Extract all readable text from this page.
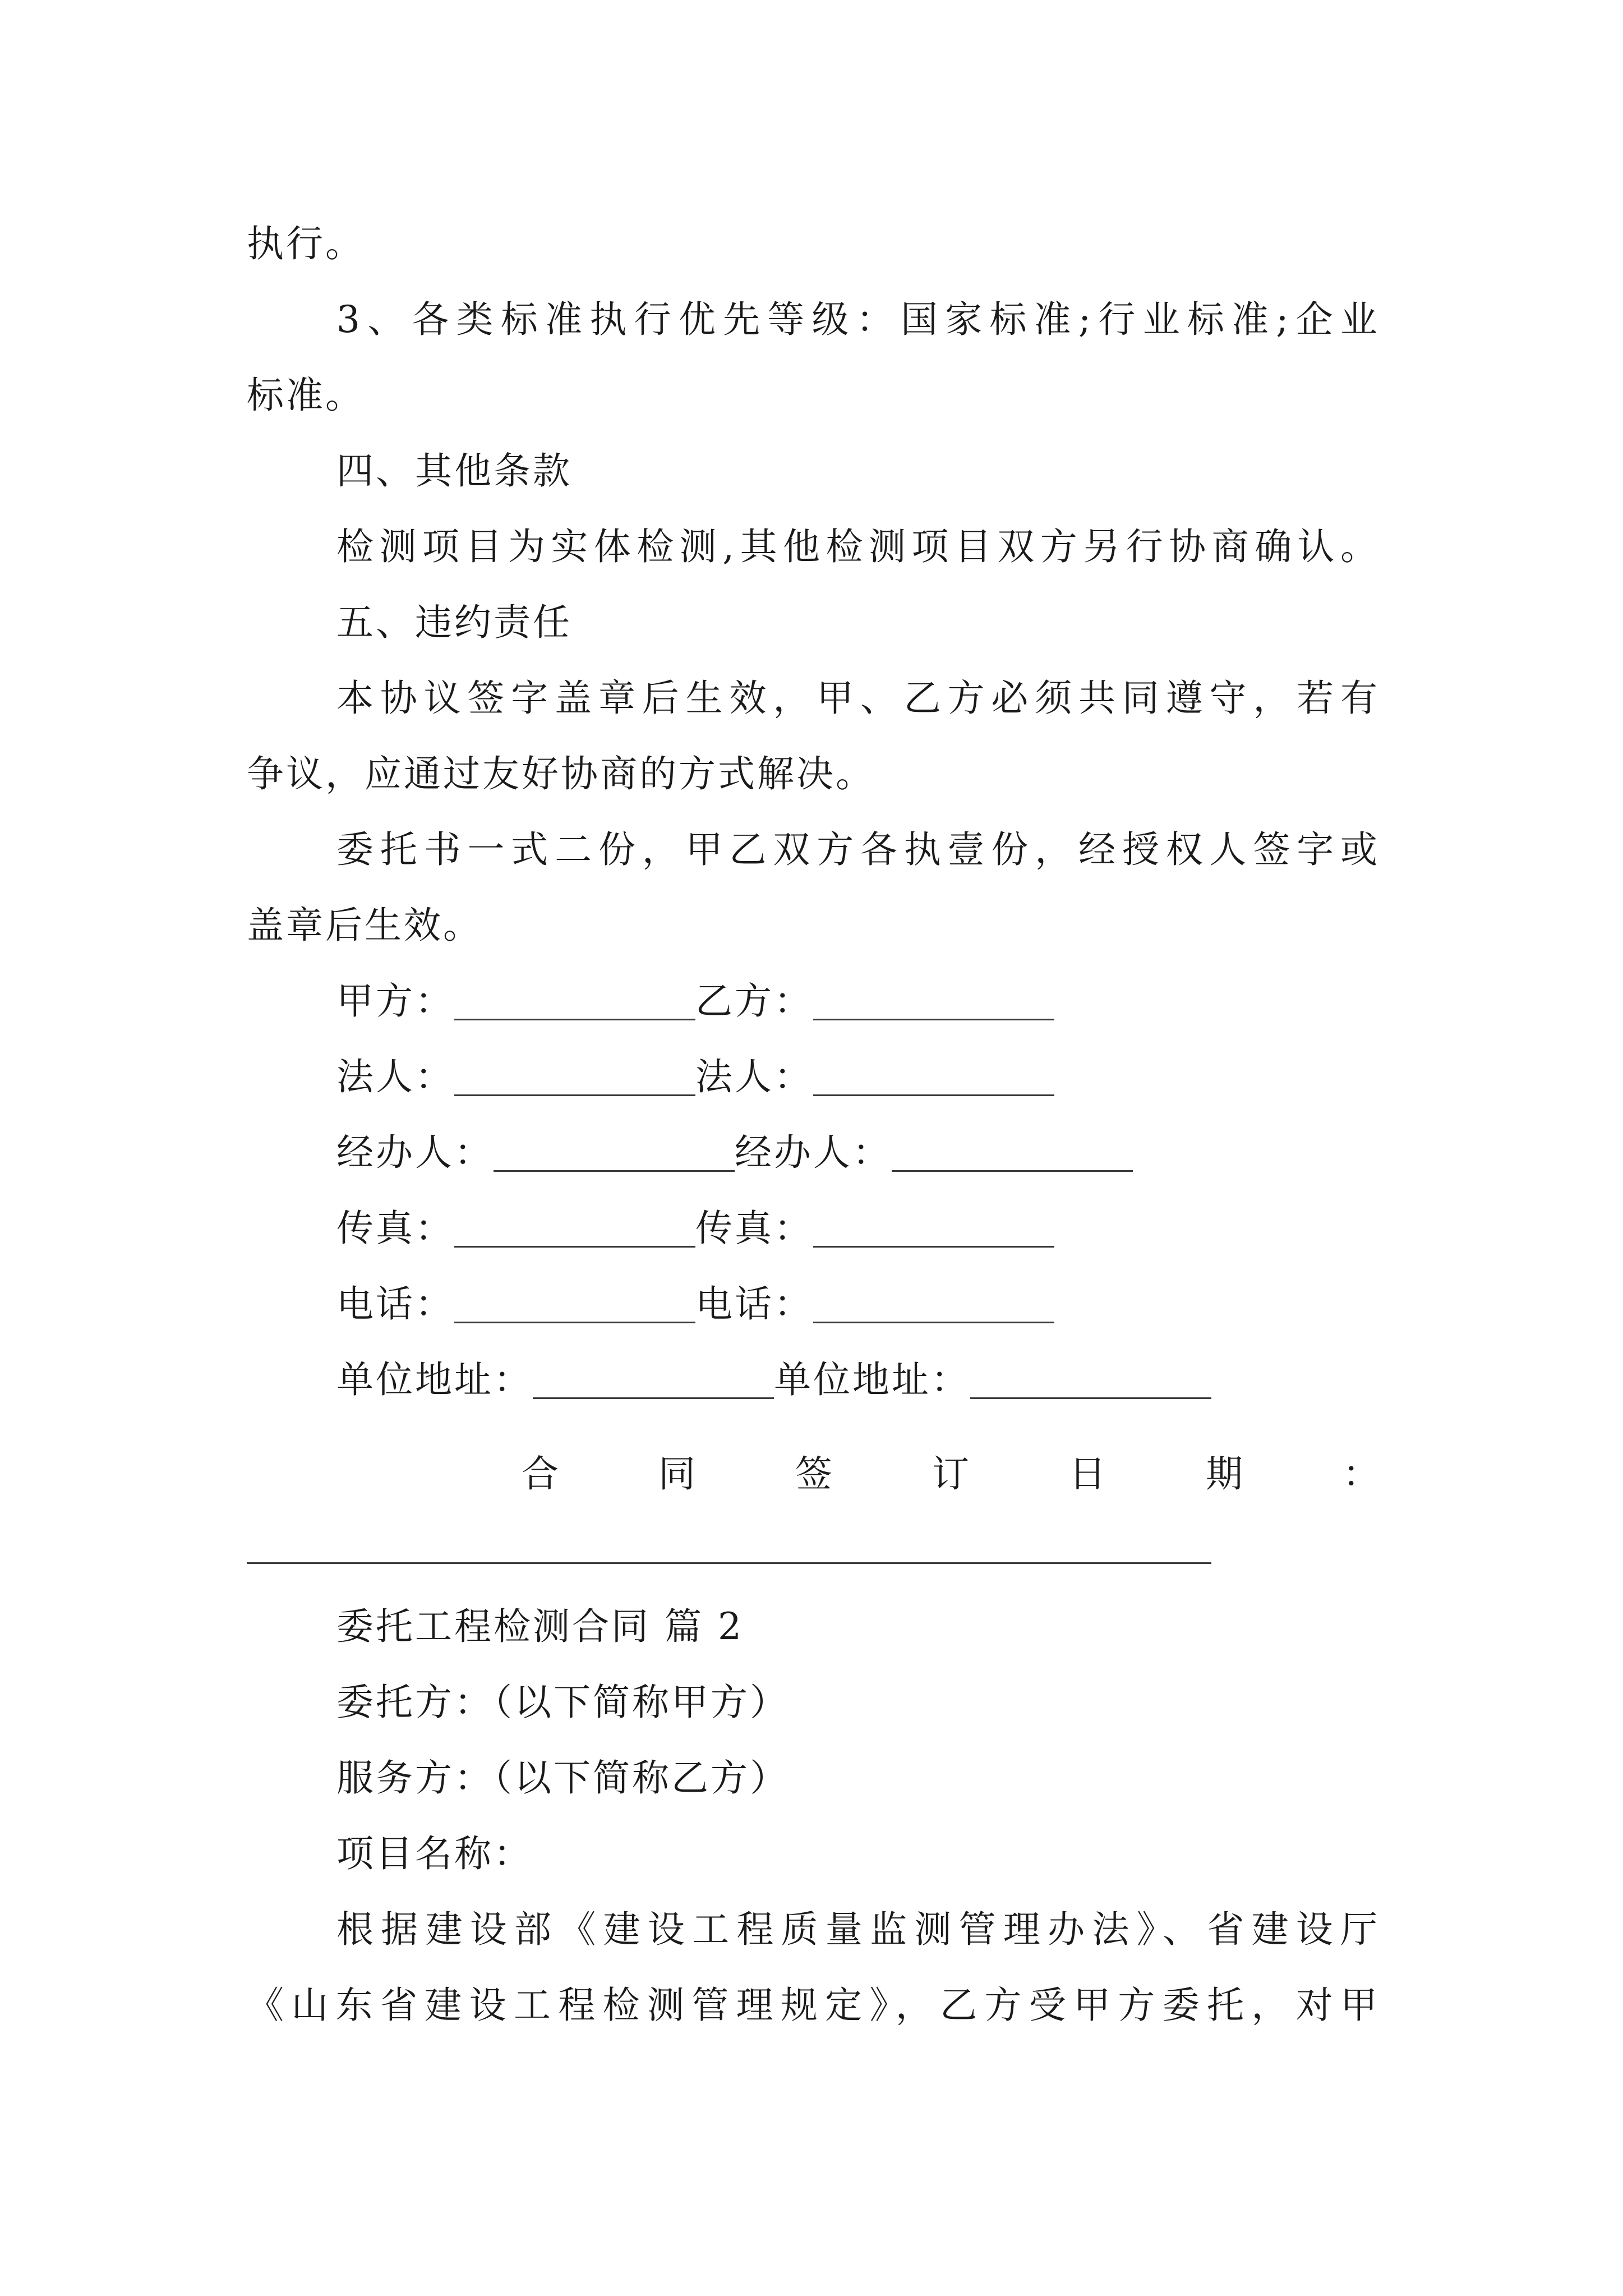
执行。
3、各类标准执行优先等级：国家标准;行业标准;企业
标准。
四、其他条款
检测项目为实体检测,其他检测项目双方另行协商确认。
五、违约责任
本协议签字盖章后生效，甲、乙方必须共同遵守，若有
争议，应通过友好协商的方式解决。
委托书一式二份，甲乙双方各执壹份，经授权人签字或
盖章后生效。
甲方：	乙方：
法人：	法人：
经办人：	经办人：
传真：	传真：
电话：	电话：
单位地址：	单位地址：
合	同	签	订	日	期	：
委托工程检测合同 篇 2
委托方：（以下简称甲方）
服务方：（以下简称乙方）
项目名称：
根据建设部《建设工程质量监测管理办法》、省建设厅
《山东省建设工程检测管理规定》，乙方受甲方委托，对甲
